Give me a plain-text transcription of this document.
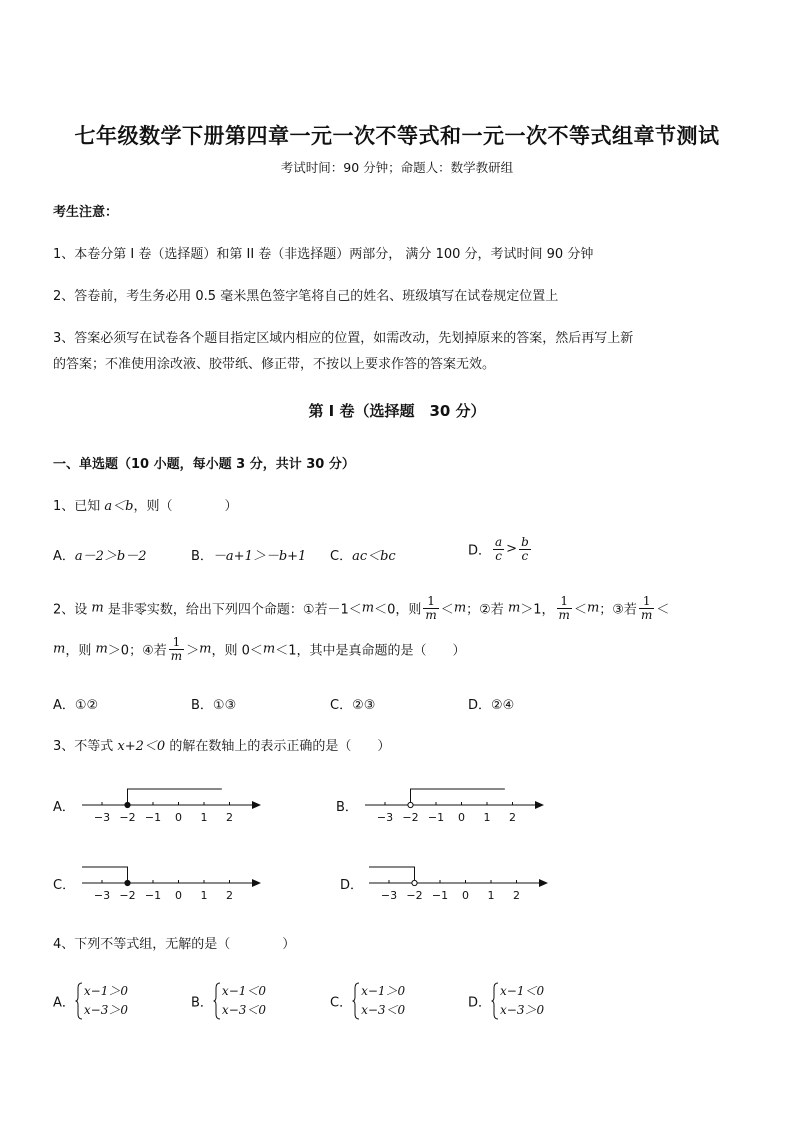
七年级数学下册第四章一元一次不等式和一元一次不等式组章节测试
考试时间：90 分钟；命题人：数学教研组
考生注意：
1、本卷分第 I 卷（选择题）和第 II 卷（非选择题）两部分， 满分 100 分，考试时间 90 分钟
2、答卷前，考生务必用 0.5 毫米黑色签字笔将自己的姓名、班级填写在试卷规定位置上
3、答案必须写在试卷各个题目指定区域内相应的位置，如需改动，先划掉原来的答案，然后再写上新
的答案；不准使用涂改液、胶带纸、修正带，不按以上要求作答的答案无效。
第 I 卷（选择题　30 分）
一、单选题（10 小题，每小题 3 分，共计 30 分）
1、已知 a＜b，则（　　　　）
A．a－2＞b－2	B．－a+1＞－b+1 C．ac＜bc	D． $\frac{a}{c} > \frac{b}{c}$
2、设 m 是非零实数，给出下列四个命题：①若－1＜m＜0，则 $\frac{1}{m} <m$；②若 m＞1， $\frac{1}{m} <m$；③若 $\frac{1}{m}$ ＜
m，则 m＞0；④若 $\frac{1}{m} >m$，则 0＜m＜1，其中是真命题的是（　　）
A．①②	B．①③	C．②③	D．②④
3、不等式 x+2＜0 的解在数轴上的表示正确的是（　　）
A．
−3 −2 −1 0 1 2
B．
−3 −2 −1 0 1 2
C．
−3 −2 −1 0 1 2
D．
−3 −2 −1 0 1 2
4、下列不等式组，无解的是（　　　　）
A．
x−1＞0
x−3＞0	B．
x−1＜0
x−3＜0	C．
x−1＞0
x−3＜0	D．
x−1＜0
x−3＞0
